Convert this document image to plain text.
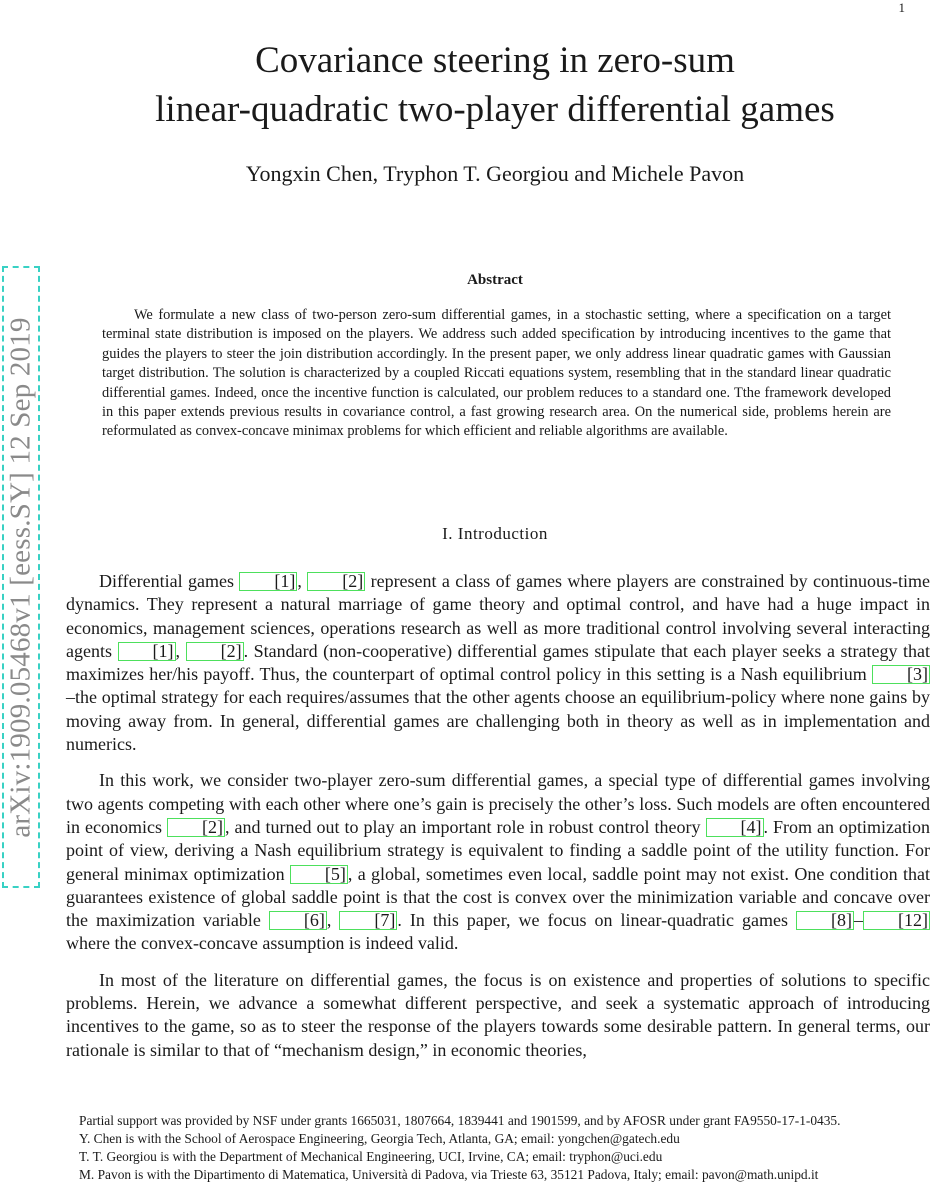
1
arXiv:1909.05468v1 [eess.SY] 12 Sep 2019
Covariance steering in zero-sum
linear-quadratic two-player differential games
Yongxin Chen, Tryphon T. Georgiou and Michele Pavon
Abstract

We formulate a new class of two-person zero-sum differential games, in a stochastic setting, where a specification on a target terminal state distribution is imposed on the players. We address such added specification by introducing incentives to the game that guides the players to steer the join distribution accordingly. In the present paper, we only address linear quadratic games with Gaussian target distribution. The solution is characterized by a coupled Riccati equations system, resembling that in the standard linear quadratic differential games. Indeed, once the incentive function is calculated, our problem reduces to a standard one. Tthe framework developed in this paper extends previous results in covariance control, a fast growing research area. On the numerical side, problems herein are reformulated as convex-concave minimax problems for which efficient and reliable algorithms are available.

I. Introduction

Differential games [1] , [2] represent a class of games where players are constrained by continuous-time dynamics. They represent a natural marriage of game theory and optimal control, and have had a huge impact in economics, management sciences, operations research as well as more traditional control involving several interacting agents [1] , [2] . Standard (non-cooperative) differential games stipulate that each player seeks a strategy that maximizes her/his payoff. Thus, the counterpart of optimal control policy in this setting is a Nash equilibrium [3] –the optimal strategy for each requires/assumes that the other agents choose an equilibrium-policy where none gains by moving away from. In general, differential games are challenging both in theory as well as in implementation and numerics.

In this work, we consider two-player zero-sum differential games, a special type of differential games involving two agents competing with each other where one’s gain is precisely the other’s loss. Such models are often encountered in economics [2] , and turned out to play an important role in robust control theory [4] . From an optimization point of view, deriving a Nash equilibrium strategy is equivalent to finding a saddle point of the utility function. For general minimax optimization [5] , a global, sometimes even local, saddle point may not exist. One condition that guarantees existence of global saddle point is that the cost is convex over the minimization variable and concave over the maximization variable [6] , [7] . In this paper, we focus on linear-quadratic games [8] – [12] where the convex-concave assumption is indeed valid.

In most of the literature on differential games, the focus is on existence and properties of solutions to specific problems. Herein, we advance a somewhat different perspective, and seek a systematic approach of introducing incentives to the game, so as to steer the response of the players towards some desirable pattern. In general terms, our rationale is similar to that of “mechanism design,” in economic theories,

Partial support was provided by NSF under grants 1665031, 1807664, 1839441 and 1901599, and by AFOSR under grant FA9550-17-1-0435.
Y. Chen is with the School of Aerospace Engineering, Georgia Tech, Atlanta, GA; email: yongchen@gatech.edu
T. T. Georgiou is with the Department of Mechanical Engineering, UCI, Irvine, CA; email: tryphon@uci.edu
M. Pavon is with the Dipartimento di Matematica, Università di Padova, via Trieste 63, 35121 Padova, Italy; email: pavon@math.unipd.it
